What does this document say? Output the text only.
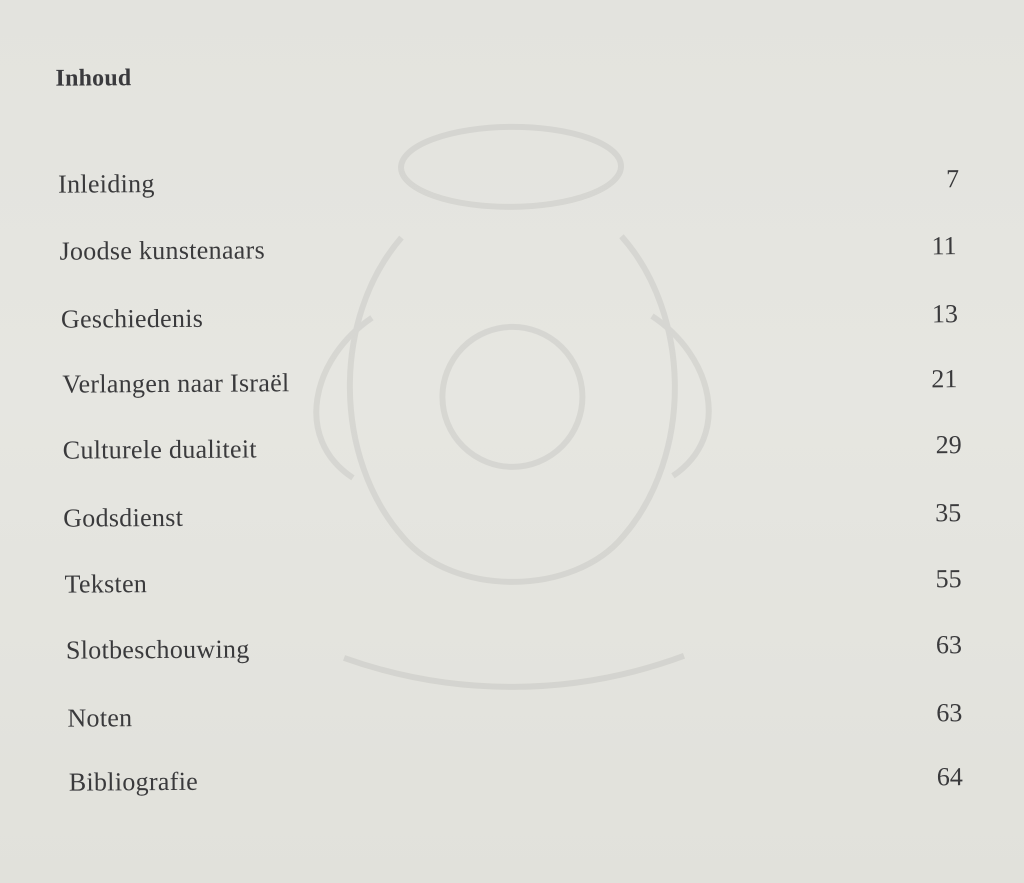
Inhoud
Inleiding	7
Joodse kunstenaars	11
Geschiedenis	13
Verlangen naar Israël	21
Culturele dualiteit	29
Godsdienst	35
Teksten	55
Slotbeschouwing	63
Noten	63
Bibliografie	64
